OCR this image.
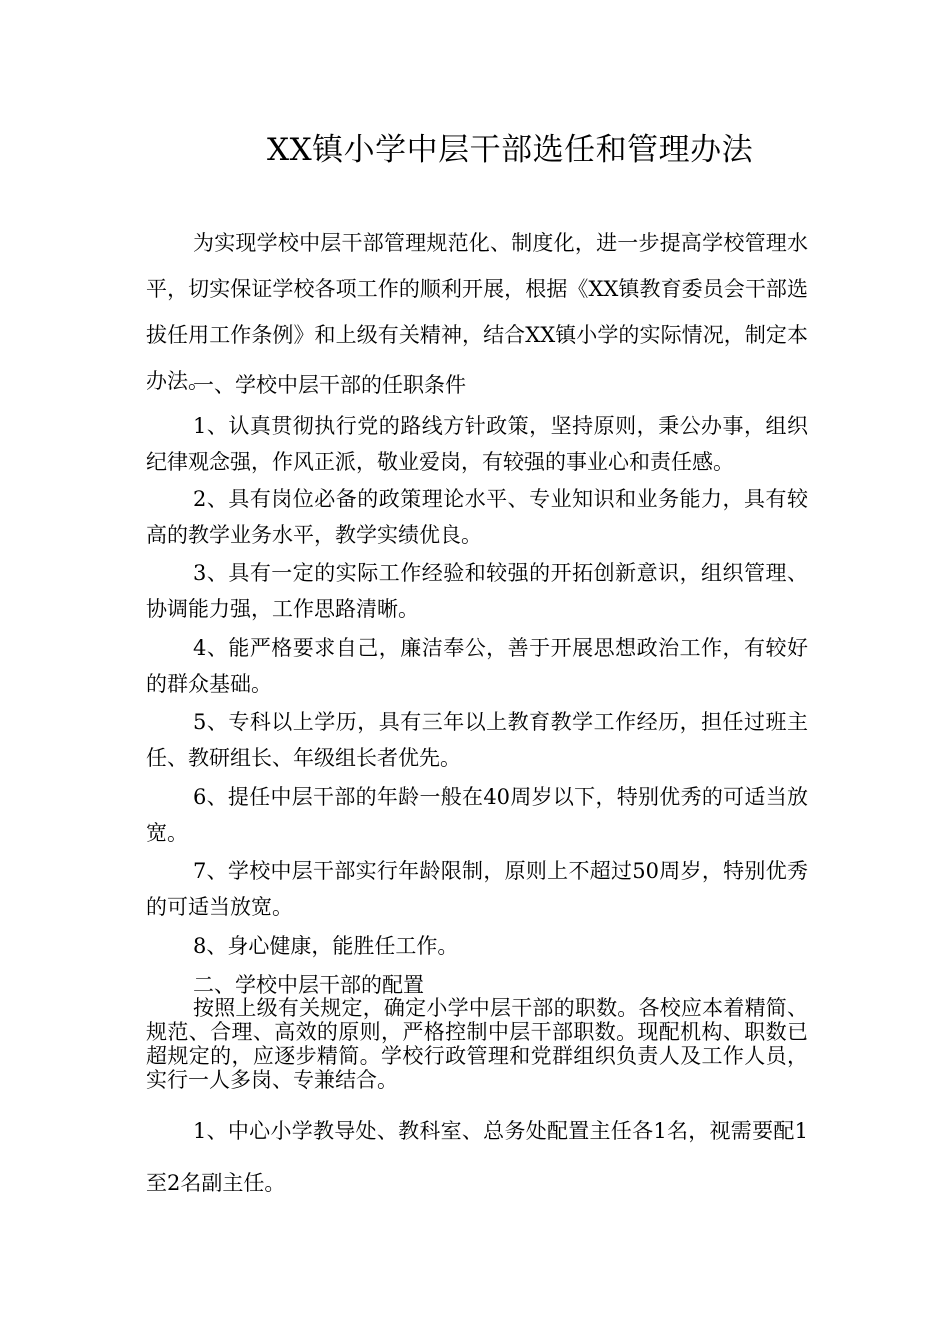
XX镇小学中层干部选任和管理办法

为实现学校中层干部管理规范化、制度化，进一步提高学校管理水平，切实保证学校各项工作的顺利开展，根据《XX镇教育委员会干部选拔任用工作条例》和上级有关精神，结合XX镇小学的实际情况，制定本办法。

一、学校中层干部的任职条件

1、认真贯彻执行党的路线方针政策，坚持原则，秉公办事，组织纪律观念强，作风正派，敬业爱岗，有较强的事业心和责任感。

2、具有岗位必备的政策理论水平、专业知识和业务能力，具有较高的教学业务水平，教学实绩优良。

3、具有一定的实际工作经验和较强的开拓创新意识，组织管理、协调能力强，工作思路清晰。

4、能严格要求自己，廉洁奉公，善于开展思想政治工作，有较好的群众基础。

5、专科以上学历，具有三年以上教育教学工作经历，担任过班主任、教研组长、年级组长者优先。

6、提任中层干部的年龄一般在40周岁以下，特别优秀的可适当放宽。

7、学校中层干部实行年龄限制，原则上不超过50周岁，特别优秀的可适当放宽。

8、身心健康，能胜任工作。

二、学校中层干部的配置

按照上级有关规定，确定小学中层干部的职数。各校应本着精简、规范、合理、高效的原则，严格控制中层干部职数。现配机构、职数已超规定的，应逐步精简。学校行政管理和党群组织负责人及工作人员，实行一人多岗、专兼结合。

1、中心小学教导处、教科室、总务处配置主任各1名，视需要配1至2名副主任。
